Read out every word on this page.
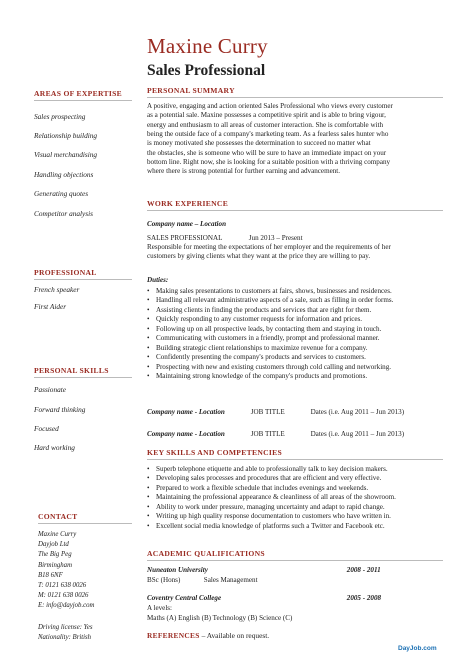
Maxine Curry
Sales Professional
AREAS OF EXPERTISE
Sales prospecting
Relationship building
Visual merchandising
Handling objections
Generating quotes
Competitor analysis
PROFESSIONAL
French speaker
First Aider
PERSONAL SKILLS
Passionate
Forward thinking
Focused
Hard working
CONTACT
Maxine Curry
Dayjob Ltd
The Big Peg
Birmingham
B18 6NF
T: 0121 638 0026
M: 0121 638 0026
E: info@dayjob.com
Driving license: Yes
Nationality: British
PERSONAL SUMMARY
A positive, engaging and action oriented Sales Professional who views every customer
as a potential sale. Maxine possesses a competitive spirit and is able to bring vigour,
energy and enthusiasm to all areas of customer interaction. She is comfortable with
being the outside face of a company's marketing team. As a fearless sales hunter who
is money motivated she possesses the determination to succeed no matter what
the obstacles, she is someone who will be sure to have an immediate impact on your
bottom line. Right now, she is looking for a suitable position with a thriving company
where there is strong potential for further earning and advancement.
WORK EXPERIENCE
Company name – Location
SALES PROFESSIONAL	Jun 2013 – Present
Responsible for meeting the expectations of her employer and the requirements of her
customers by giving clients what they want at the price they are willing to pay.
Duties:
• Making sales presentations to customers at fairs, shows, businesses and residences.
• Handling all relevant administrative aspects of a sale, such as filling in order forms.
• Assisting clients in finding the products and services that are right for them.
• Quickly responding to any customer requests for information and prices.
• Following up on all prospective leads, by contacting them and staying in touch.
• Communicating with customers in a friendly, prompt and professional manner.
• Building strategic client relationships to maximize revenue for a company.
• Confidently presenting the company's products and services to customers.
• Prospecting with new and existing customers through cold calling and networking.
• Maintaining strong knowledge of the company's products and promotions.
Company name - Location	JOB TITLE	Dates (i.e. Aug 2011 – Jun 2013)
Company name - Location	JOB TITLE	Dates (i.e. Aug 2011 – Jun 2013)
KEY SKILLS AND COMPETENCIES
• Superb telephone etiquette and able to professionally talk to key decision makers.
• Developing sales processes and procedures that are efficient and very effective.
• Prepared to work a flexible schedule that includes evenings and weekends.
• Maintaining the professional appearance & cleanliness of all areas of the showroom.
• Ability to work under pressure, managing uncertainty and adapt to rapid change.
• Writing up high quality response documentation to customers who have written in.
• Excellent social media knowledge of platforms such a Twitter and Facebook etc.
ACADEMIC QUALIFICATIONS
Nuneaton University	2008 - 2011
BSc (Hons)	Sales Management
Coventry Central College	2005 - 2008
A levels:
Maths (A) English (B) Technology (B) Science (C)
REFERENCES – Available on request.
DayJob.com
